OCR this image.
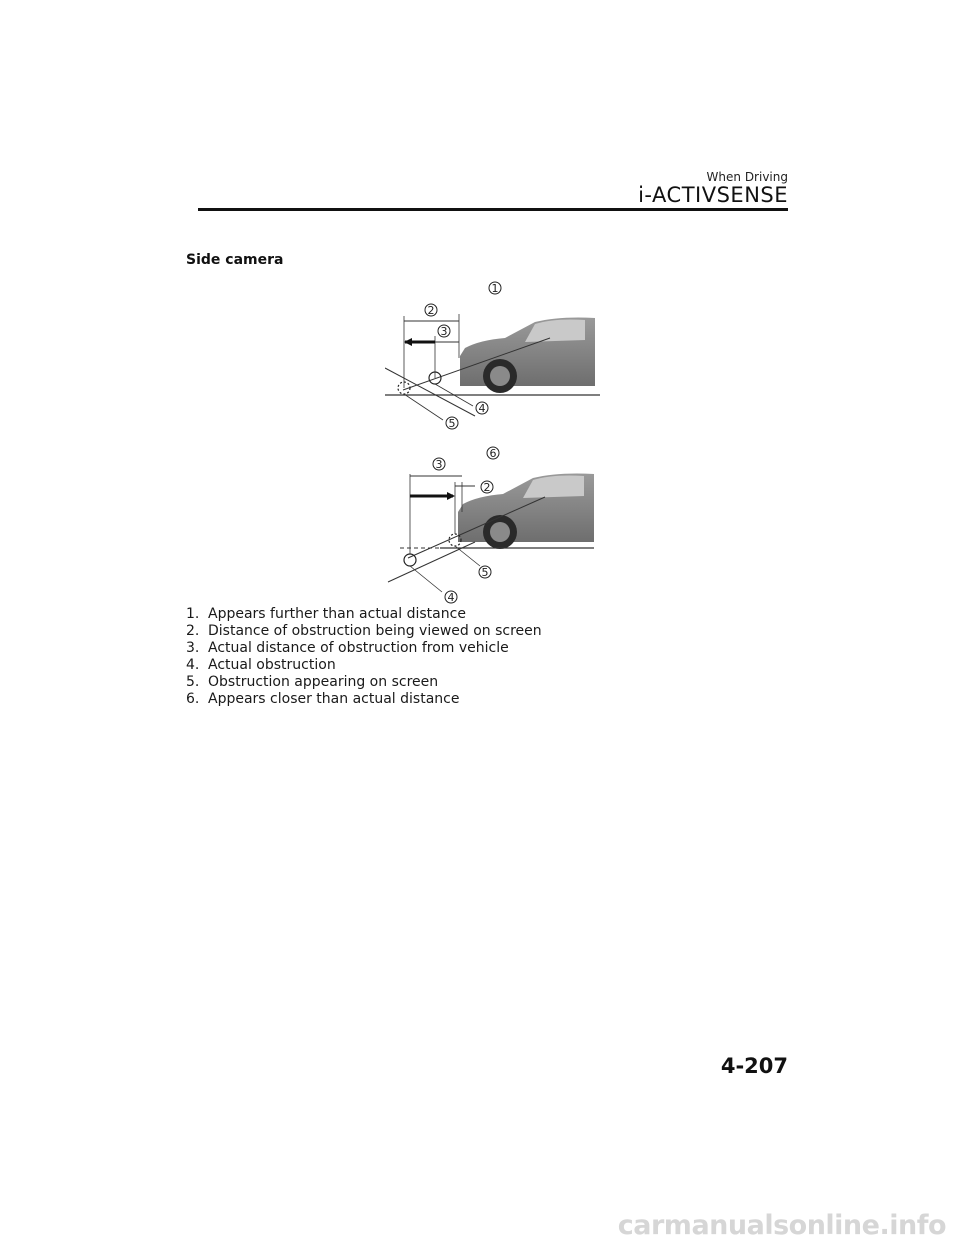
When Driving
i-ACTIVSENSE
Side camera
1
2
3
4
5
6
3
2
5
4
1. Appears further than actual distance
2. Distance of obstruction being viewed on screen
3. Actual distance of obstruction from vehicle
4. Actual obstruction
5. Obstruction appearing on screen
6. Appears closer than actual distance
4-207
carmanualsonline.info
